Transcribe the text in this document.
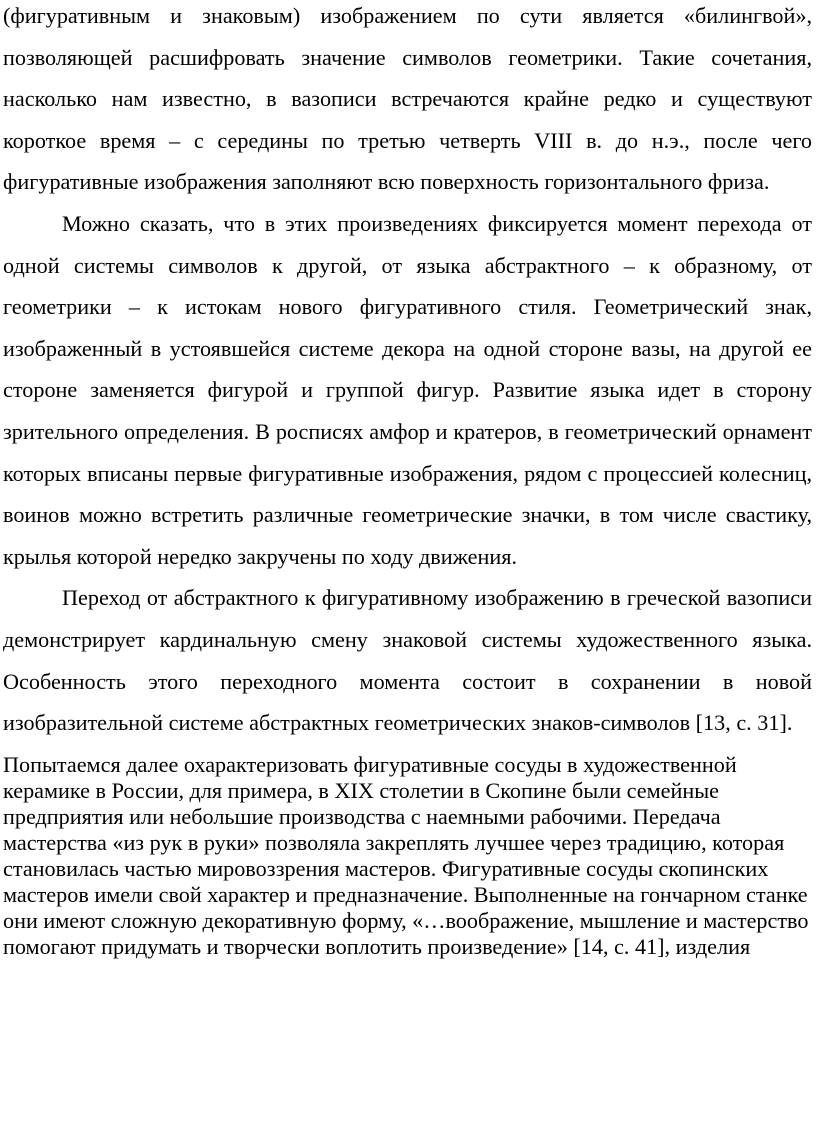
(фигуративным и знаковым) изображением по сути является «билингвой», позволяющей расшифровать значение символов геометрики. Такие сочетания, насколько нам известно, в вазописи встречаются крайне редко и существуют короткое время – с середины по третью четверть VIII в. до н.э., после чего фигуративные изображения заполняют всю поверхность горизонтального фриза.

Можно сказать, что в этих произведениях фиксируется момент перехода от одной системы символов к другой, от языка абстрактного – к образному, от геометрики – к истокам нового фигуративного стиля. Геометрический знак, изображенный в устоявшейся системе декора на одной стороне вазы, на другой ее стороне заменяется фигурой и группой фигур. Развитие языка идет в сторону зрительного определения. В росписях амфор и кратеров, в геометрический орнамент которых вписаны первые фигуративные изображения, рядом с процессией колесниц, воинов можно встретить различные геометрические значки, в том числе свастику, крылья которой нередко закручены по ходу движения.

Переход от абстрактного к фигуративному изображению в греческой вазописи демонстрирует кардинальную смену знаковой системы художественного языка. Особенность этого переходного момента состоит в сохранении в новой изобразительной системе абстрактных геометрических знаков-символов [13, с. 31].

Попытаемся далее охарактеризовать фигуративные сосуды в художественной керамике в России, для примера, в XIX столетии в Скопине были семейные предприятия или небольшие производства с наемными рабочими. Передача мастерства «из рук в руки» позволяла закреплять лучшее через традицию, которая становилась частью мировоззрения мастеров. Фигуративные сосуды скопинских мастеров имели свой характер и предназначение. Выполненные на гончарном станке они имеют сложную декоративную форму, «…воображение, мышление и мастерство помогают придумать и творчески воплотить произведение» [14, с. 41], изделия
